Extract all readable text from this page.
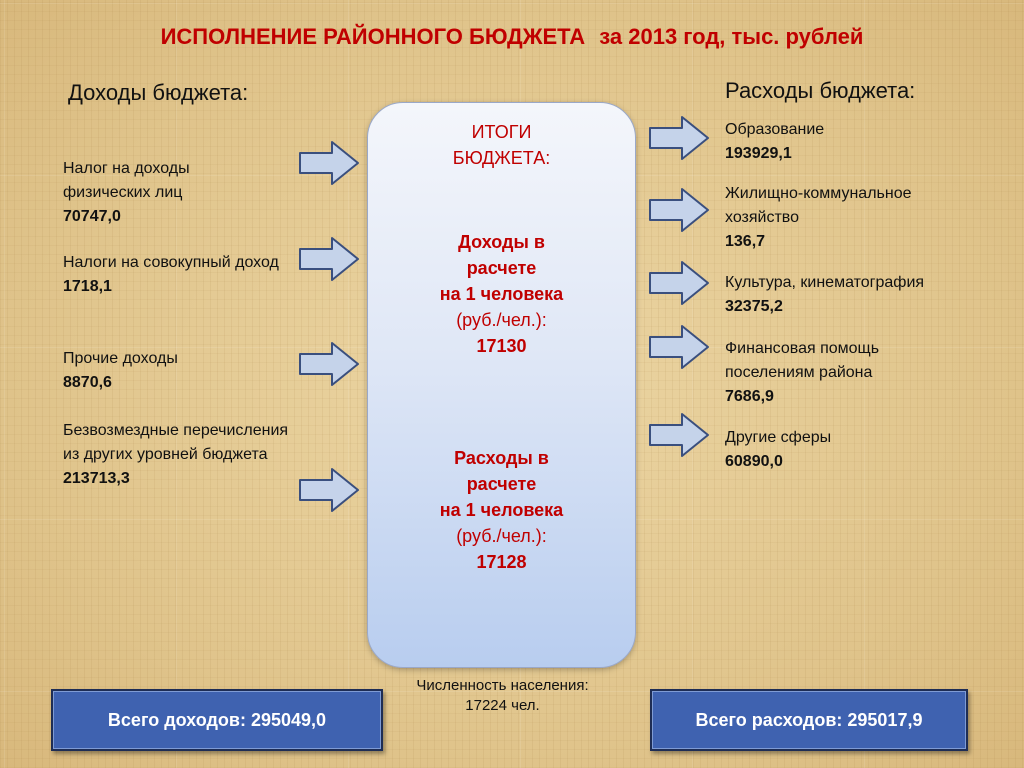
ИСПОЛНЕНИЕ РАЙОННОГО БЮДЖЕТА за 2013 год, тыс. рублей
Доходы бюджета:	Расходы бюджета:
Налог на доходы физических лиц
70747,0
Налоги на совокупный доход
1718,1
Прочие доходы
8870,6
Безвозмездные перечисления из других уровней бюджета
213713,3
ИТОГИ
БЮДЖЕТА:
Доходы в
расчете
на 1 человека
(руб./чел.):
17130
Расходы в
расчете
на 1 человека
(руб./чел.):
17128
Образование
193929,1
Жилищно-коммунальное хозяйство
136,7
Культура, кинематография
32375,2
Финансовая помощь поселениям района
7686,9
Другие сферы
60890,0
Численность населения:
17224 чел.
Всего доходов: 295049,0	Всего расходов: 295017,9
